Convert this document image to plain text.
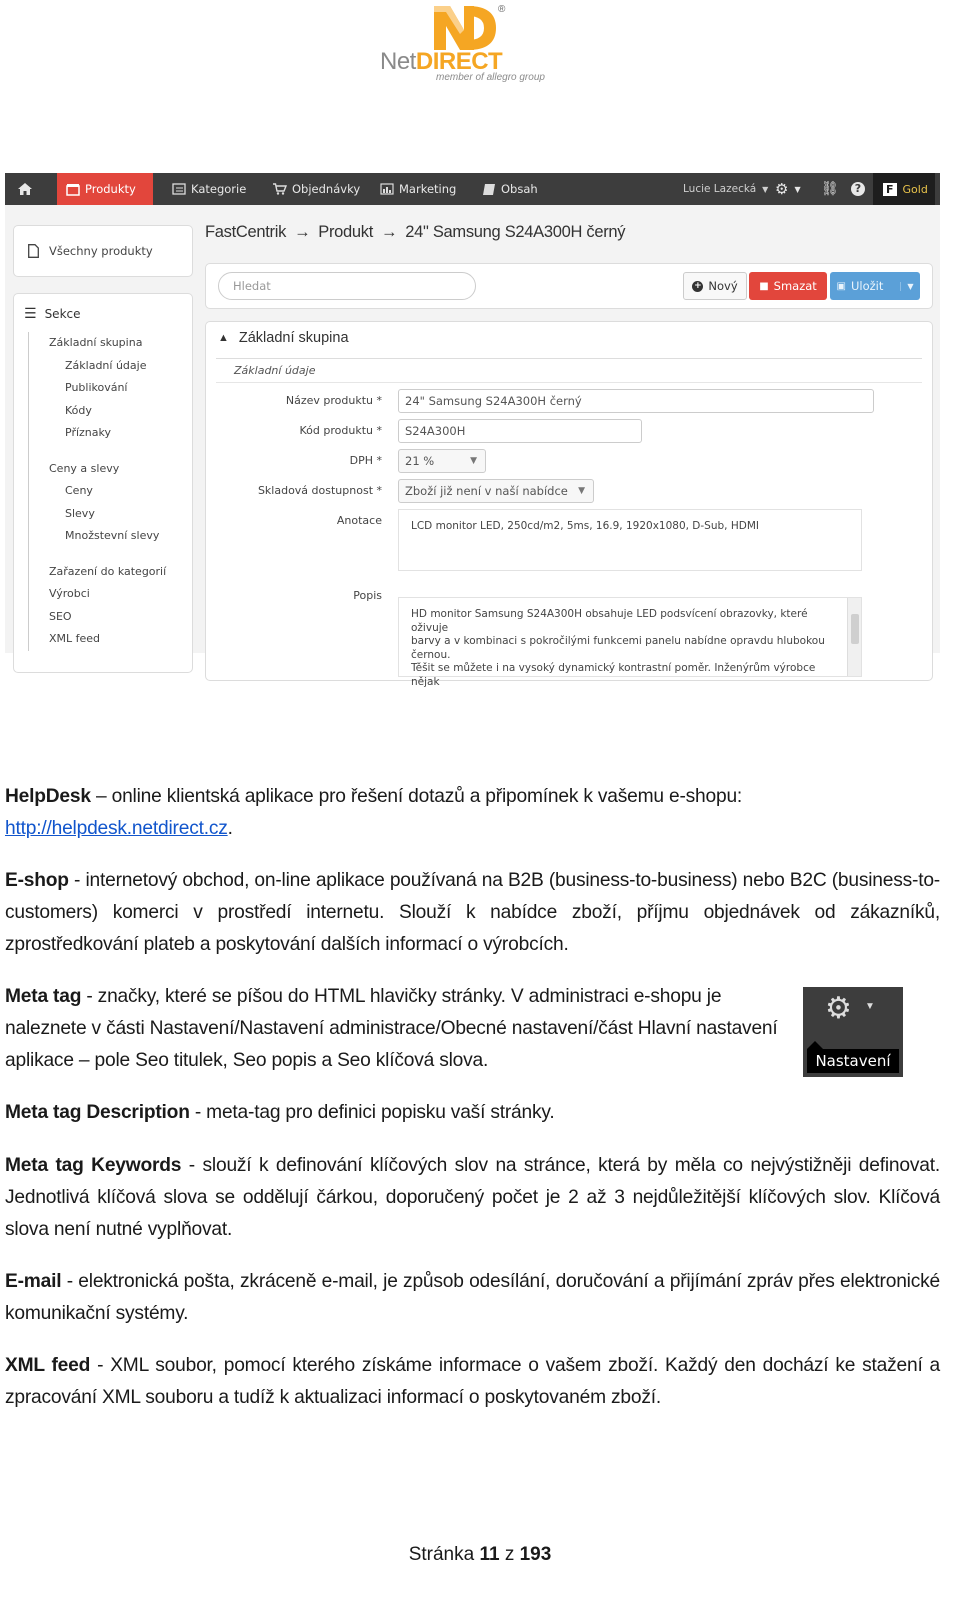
®
NetDIRECT
member of allegro group
Produkty	Kategorie	Objednávky	Marketing	Obsah	Lucie Lazecká ▼ ⚙ ▼ ⛓	?	F Gold
Všechny produkty
☰ Sekce
Základní skupina
Základní údaje
Publikování
Kódy
Příznaky
Ceny a slevy
Ceny
Slevy
Množstevní slevy
Zařazení do kategorií
Výrobci
SEO
XML feed
FastCentrik → Produkt → 24" Samsung S24A300H černý
Hledat	+ Nový ■ Smazat ▣ Uložit	▼
▲ Základní skupina
Základní údaje
Název produktu *	24" Samsung S24A300H černý
Kód produktu *	S24A300H
DPH *	21 %	▼
Skladová dostupnost *	Zboží již není v naší nabídce ▼
Anotace	LCD monitor LED, 250cd/m2, 5ms, 16.9, 1920x1080, D-Sub, HDMI
Popis
HD monitor Samsung S24A300H obsahuje LED podsvícení obrazovky, které oživuje
barvy a v kombinaci s pokročilými funkcemi panelu nabídne opravdu hlubokou černou.
Těšit se můžete i na vysoký dynamický kontrastní poměr. Inženýrům výrobce nějak
HelpDesk – online klientská aplikace pro řešení dotazů a připomínek k vašemu e-shopu:
http://helpdesk.netdirect.cz.
E-shop - internetový obchod, on-line aplikace používaná na B2B (business-to-business) nebo B2C (business-to-customers) komerci v prostředí internetu. Slouží k nabídce zboží, příjmu objednávek od zákazníků, zprostředkování plateb a poskytování dalších informací o výrobcích.
Meta tag - značky, které se píšou do HTML hlavičky stránky. V administraci e-shopu je naleznete v části Nastavení/Nastavení administrace/Obecné nastavení/část Hlavní nastavení aplikace – pole Seo titulek, Seo popis a Seo klíčová slova.
⚙ ▼
Nastavení
Meta tag Description - meta-tag pro definici popisku vaší stránky.
Meta tag Keywords - slouží k definování klíčových slov na stránce, která by měla co nejvýstižněji definovat. Jednotlivá klíčová slova se oddělují čárkou, doporučený počet je 2 až 3 nejdůležitější klíčových slov. Klíčová slova není nutné vyplňovat.
E-mail - elektronická pošta, zkráceně e-mail, je způsob odesílání, doručování a přijímání zpráv přes elektronické komunikační systémy.
XML feed - XML soubor, pomocí kterého získáme informace o vašem zboží. Každý den dochází ke stažení a zpracování XML souboru a tudíž k aktualizaci informací o poskytovaném zboží.
Stránka 11 z 193
